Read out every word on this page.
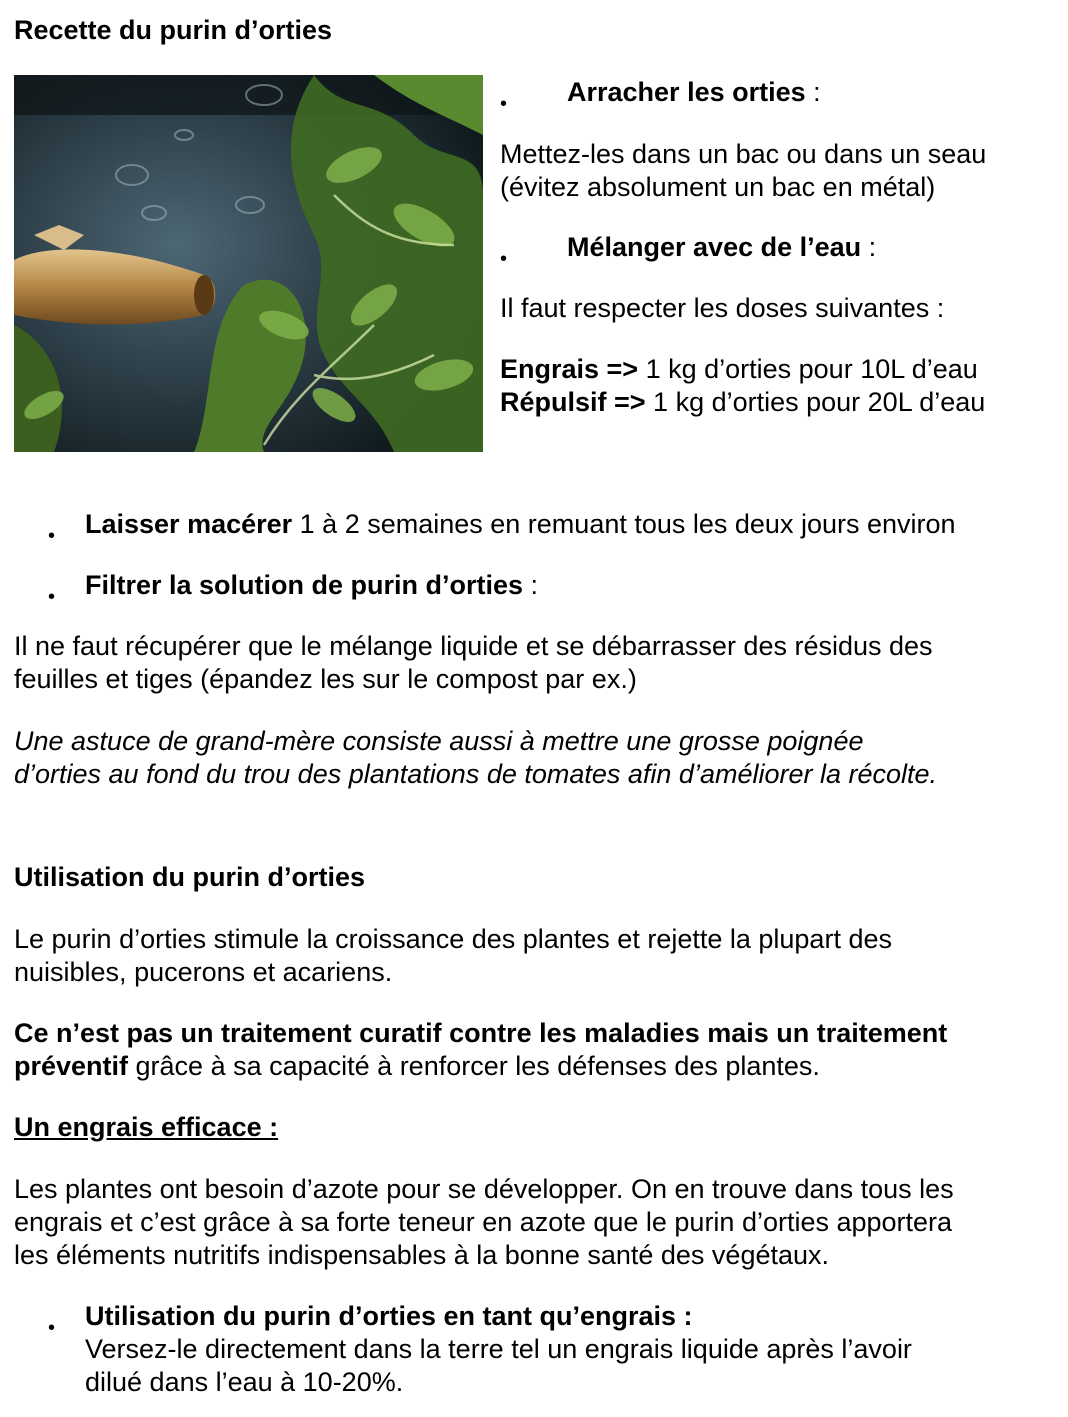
Recette du purin d’orties
• Arracher les orties :
Mettez-les dans un bac ou dans un seau
(évitez absolument un bac en métal)
• Mélanger avec de l’eau :
Il faut respecter les doses suivantes :
Engrais => 1 kg d’orties pour 10L d’eau
Répulsif => 1 kg d’orties pour 20L d’eau
• Laisser macérer 1 à 2 semaines en remuant tous les deux jours environ
• Filtrer la solution de purin d’orties :
Il ne faut récupérer que le mélange liquide et se débarrasser des résidus des
feuilles et tiges (épandez les sur le compost par ex.)
Une astuce de grand-mère consiste aussi à mettre une grosse poignée
d’orties au fond du trou des plantations de tomates afin d’améliorer la récolte.
Utilisation du purin d’orties
Le purin d’orties stimule la croissance des plantes et rejette la plupart des
nuisibles, pucerons et acariens.
Ce n’est pas un traitement curatif contre les maladies mais un traitement
préventif grâce à sa capacité à renforcer les défenses des plantes.
Un engrais efficace :
Les plantes ont besoin d’azote pour se développer. On en trouve dans tous les
engrais et c’est grâce à sa forte teneur en azote que le purin d’orties apportera
les éléments nutritifs indispensables à la bonne santé des végétaux.
• Utilisation du purin d’orties en tant qu’engrais :
Versez-le directement dans la terre tel un engrais liquide après l’avoir
dilué dans l’eau à 10-20%.
